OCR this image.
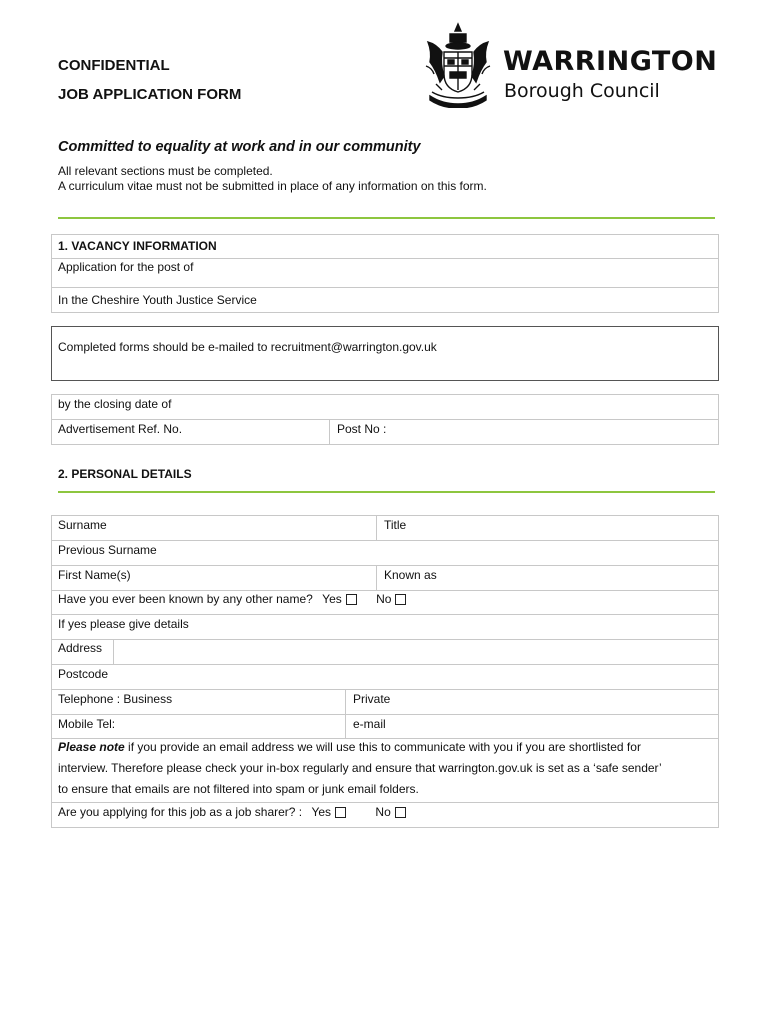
CONFIDENTIAL
JOB APPLICATION FORM
WARRINGTON
Borough Council
Committed to equality at work and in our community
All relevant sections must be completed.
A curriculum vitae must not be submitted in place of any information on this form.
1. VACANCY INFORMATION
Application for the post of
In the Cheshire Youth Justice Service
Completed forms should be e-mailed to recruitment@warrington.gov.uk
by the closing date of
Advertisement Ref. No.	Post No :
2. PERSONAL DETAILS
Surname	Title
Previous Surname
First Name(s)	Known as
Have you ever been known by any other name? Yes	No
If yes please give details
Address
Postcode
Telephone : Business	Private
Mobile Tel:	e-mail
Please note if you provide an email address we will use this to communicate with you if you are shortlisted for
interview. Therefore please check your in-box regularly and ensure that warrington.gov.uk is set as a ‘safe sender’
to ensure that emails are not filtered into spam or junk email folders.
Are you applying for this job as a job sharer? : Yes	No
